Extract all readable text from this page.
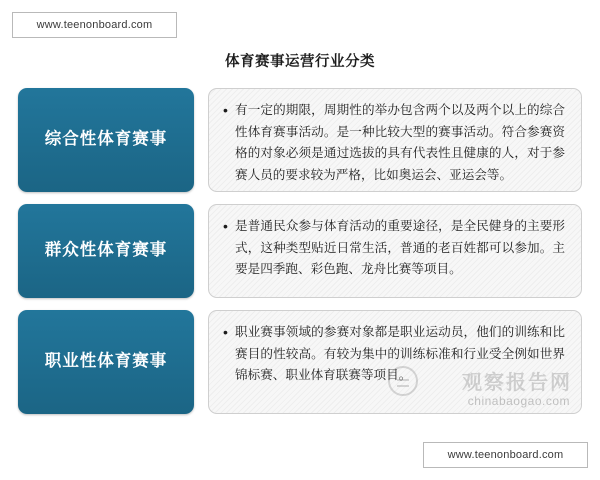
www.teenonboard.com
体育赛事运营行业分类
综合性体育赛事
• 有一定的期限，周期性的举办包含两个以及两个以上的综合性体育赛事活动。是一种比较大型的赛事活动。符合参赛资格的对象必须是通过选拔的具有代表性且健康的人，对于参赛人员的要求较为严格，比如奥运会、亚运会等。
群众性体育赛事
• 是普通民众参与体育活动的重要途径，是全民健身的主要形式，这种类型贴近日常生活，普通的老百姓都可以参加。主要是四季跑、彩色跑、龙舟比赛等项目。
职业性体育赛事
• 职业赛事领域的参赛对象都是职业运动员，他们的训练和比赛目的性较高。有较为集中的训练标准和行业受全例如世界锦标赛、职业体育联赛等项目。	观察报告网
chinabaogao.com
www.teenonboard.com
